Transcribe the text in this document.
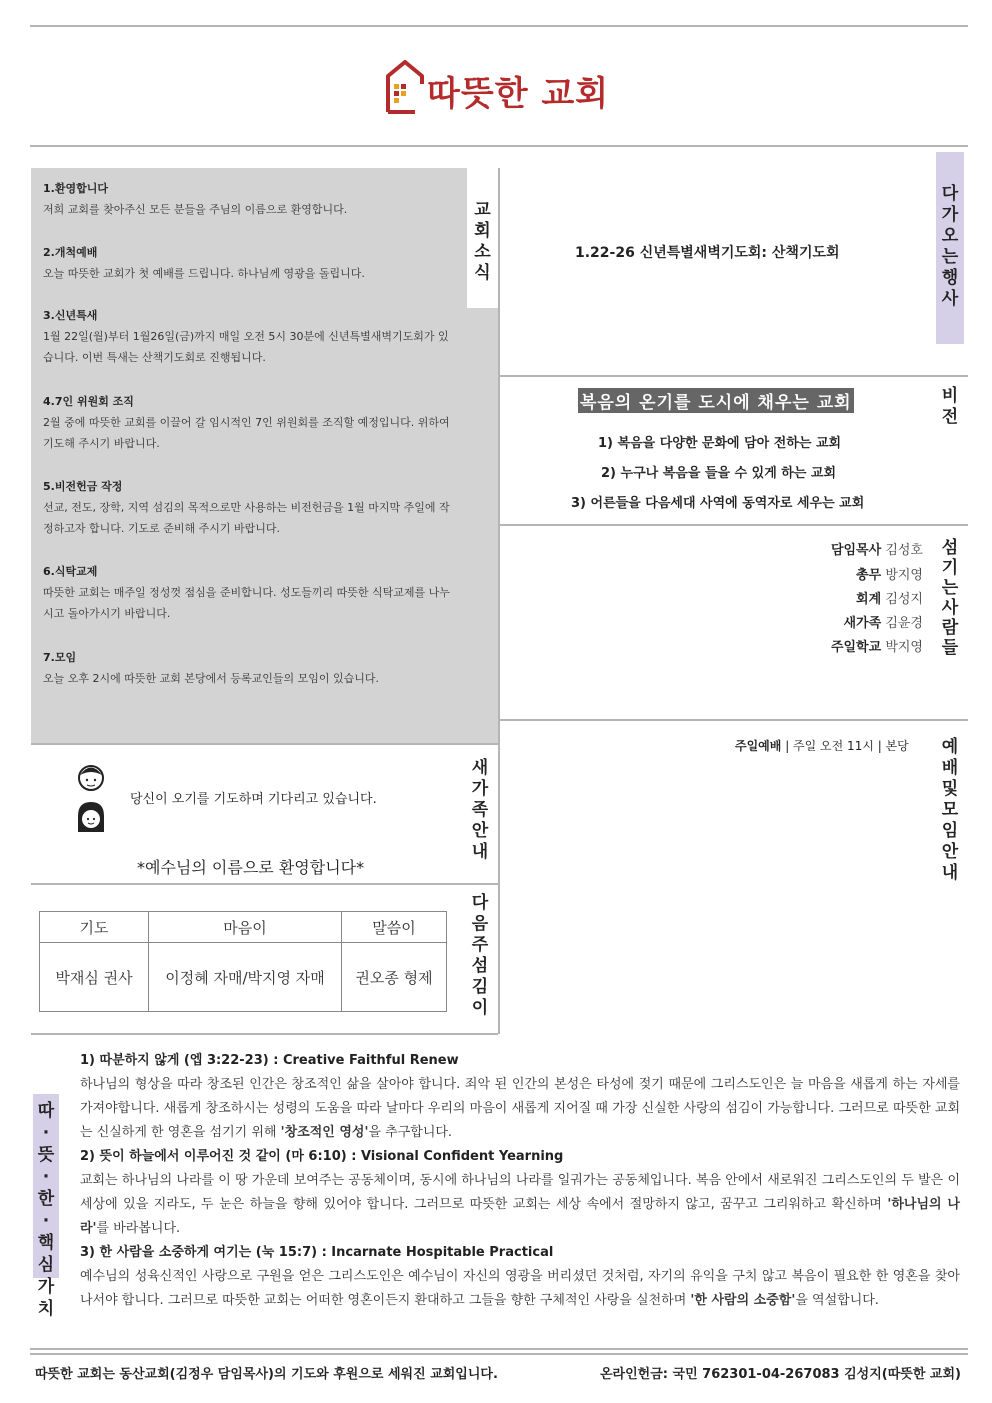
따뜻한 교회
1.환영합니다
저희 교회를 찾아주신 모든 분들을 주님의 이름으로 환영합니다.
2.개척예배
오늘 따뜻한 교회가 첫 예배를 드립니다. 하나님께 영광을 돌립니다.
3.신년특새
1월 22일(월)부터 1월26일(금)까지 매일 오전 5시 30분에 신년특별새벽기도회가 있습니다. 이번 특새는 산책기도회로 진행됩니다.
4.7인 위원회 조직
2월 중에 따뜻한 교회를 이끌어 갈 임시적인 7인 위원회를 조직할 예정입니다. 위하여 기도해 주시기 바랍니다.
5.비전헌금 작정
선교, 전도, 장학, 지역 섬김의 목적으로만 사용하는 비전헌금을 1월 마지막 주일에 작정하고자 합니다. 기도로 준비해 주시기 바랍니다.
6.식탁교제
따뜻한 교회는 매주일 정성껏 점심을 준비합니다. 성도들끼리 따뜻한 식탁교제를 나누시고 돌아가시기 바랍니다.
7.모임
오늘 오후 2시에 따뜻한 교회 본당에서 등록교인들의 모임이 있습니다.
교
회
소
식
다
가
오
는
행
사
1.22-26 신년특별새벽기도회: 산책기도회
복음의 온기를 도시에 채우는 교회	비
전
1) 복음을 다양한 문화에 담아 전하는 교회
2) 누구나 복음을 들을 수 있게 하는 교회
3) 어른들을 다음세대 사역에 동역자로 세우는 교회
담임목사 김성호
총무 방지영
회계 김성지
새가족 김윤경
주일학교 박지영
섬
기
는
사
람
들
주일예배 | 주일 오전 11시 | 본당	예
배
및
모
임
안
내
당신이 오기를 기도하며 기다리고 있습니다.
*예수님의 이름으로 환영합니다*
새
가
족
안
내
기도	마음이	말씀이
박재심 권사	이정혜 자매/박지영 자매	권오종 형제
다
음
주
섬
김
이
따
·
뜻
·
한
·
핵
심
가
치
1) 따분하지 않게 (엡 3:22-23) : Creative Faithful Renew
하나님의 형상을 따라 창조된 인간은 창조적인 삶을 살아야 합니다. 죄악 된 인간의 본성은 타성에 젖기 때문에 그리스도인은 늘 마음을 새롭게 하는 자세를 가져야합니다. 새롭게 창조하시는 성령의 도움을 따라 날마다 우리의 마음이 새롭게 지어질 때 가장 신실한 사랑의 섬김이 가능합니다. 그러므로 따뜻한 교회는 신실하게 한 영혼을 섬기기 위해 '창조적인 영성'을 추구합니다.
2) 뜻이 하늘에서 이루어진 것 같이 (마 6:10) : Visional Confident Yearning
교회는 하나님의 나라를 이 땅 가운데 보여주는 공동체이며, 동시에 하나님의 나라를 일궈가는 공동체입니다. 복음 안에서 새로워진 그리스도인의 두 발은 이 세상에 있을 지라도, 두 눈은 하늘을 향해 있어야 합니다. 그러므로 따뜻한 교회는 세상 속에서 절망하지 않고, 꿈꾸고 그리워하고 확신하며 '하나님의 나라'를 바라봅니다.
3) 한 사람을 소중하게 여기는 (눅 15:7) : Incarnate Hospitable Practical
예수님의 성육신적인 사랑으로 구원을 얻은 그리스도인은 예수님이 자신의 영광을 버리셨던 것처럼, 자기의 유익을 구치 않고 복음이 필요한 한 영혼을 찾아 나서야 합니다. 그러므로 따뜻한 교회는 어떠한 영혼이든지 환대하고 그들을 향한 구체적인 사랑을 실천하며 '한 사람의 소중함'을 역설합니다.
따뜻한 교회는 동산교회(김정우 담임목사)의 기도와 후원으로 세워진 교회입니다.	온라인헌금: 국민 762301-04-267083 김성지(따뜻한 교회)
